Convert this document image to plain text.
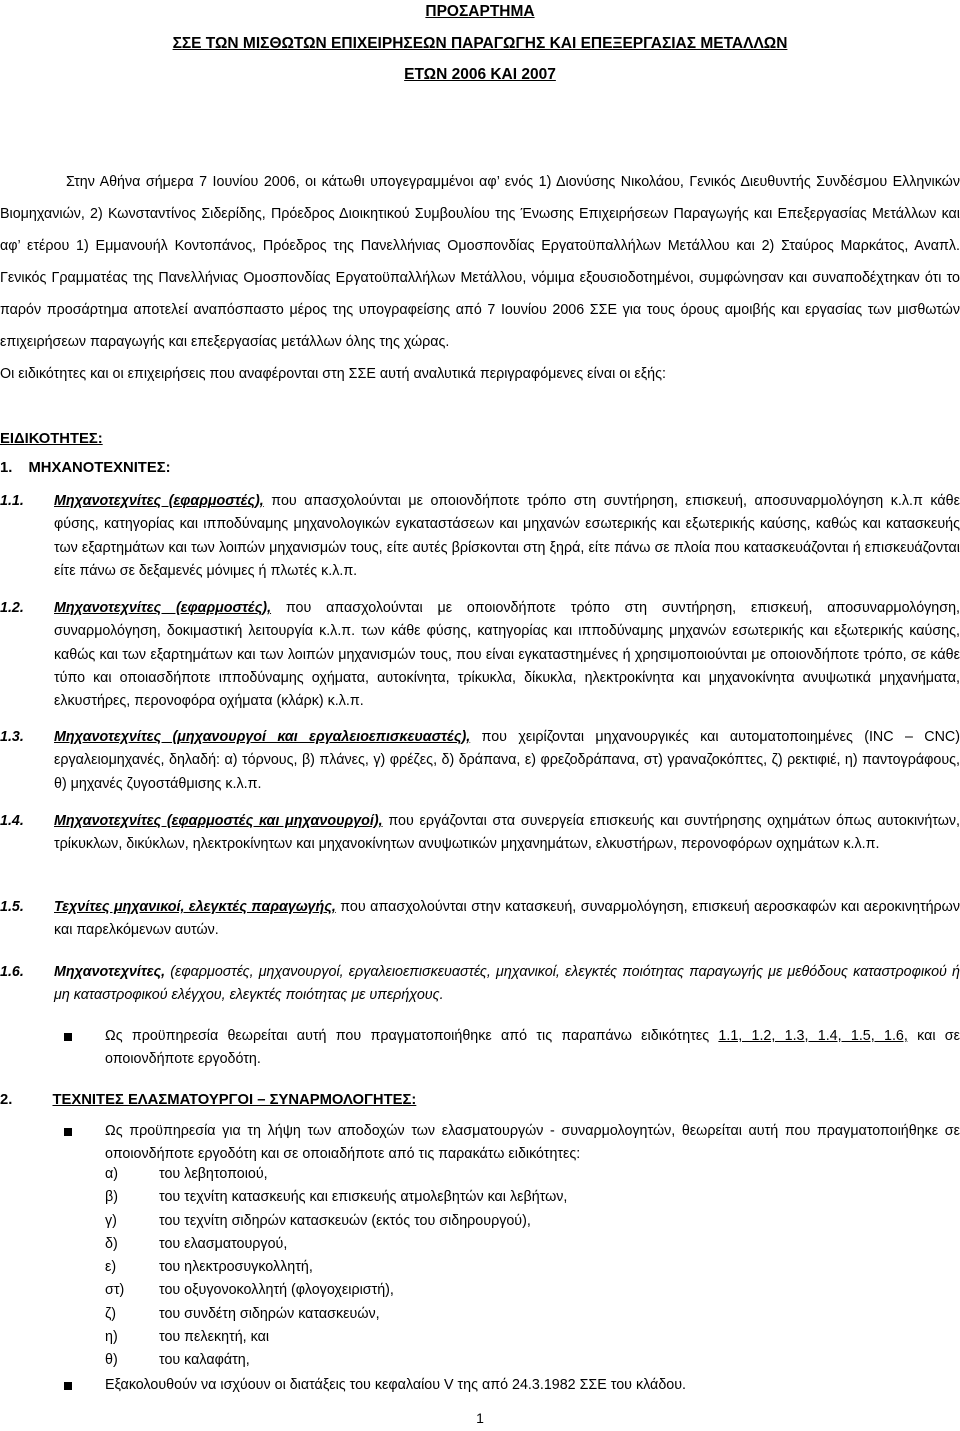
ΠΡΟΣΑΡΤΗΜΑ
ΣΣΕ ΤΩΝ ΜΙΣΘΩΤΩΝ ΕΠΙΧΕΙΡΗΣΕΩΝ ΠΑΡΑΓΩΓΗΣ ΚΑΙ ΕΠΕΞΕΡΓΑΣΙΑΣ ΜΕΤΑΛΛΩΝ
ΕΤΩΝ 2006 ΚΑΙ 2007

Στην Αθήνα σήμερα 7 Ιουνίου 2006, οι κάτωθι υπογεγραμμένοι αφ’ ενός 1) Διονύσης Νικολάου, Γενικός Διευθυντής Συνδέσμου Ελληνικών Βιομηχανιών, 2) Κωνσταντίνος Σιδερίδης, Πρόεδρος Διοικητικού Συμβουλίου της Ένωσης Επιχειρήσεων Παραγωγής και Επεξεργασίας Μετάλλων και αφ’ ετέρου 1) Εμμανουήλ Κοντοπάνος, Πρόεδρος της Πανελλήνιας Ομοσπονδίας Εργατοϋπαλλήλων Μετάλλου και 2) Σταύρος Μαρκάτος, Αναπλ. Γενικός Γραμματέας της Πανελλήνιας Ομοσπονδίας Εργατοϋπαλλήλων Μετάλλου, νόμιμα εξουσιοδοτημένοι, συμφώνησαν και συναποδέχτηκαν ότι το παρόν προσάρτημα αποτελεί αναπόσπαστο μέρος της υπογραφείσης από 7 Ιουνίου 2006 ΣΣΕ για τους όρους αμοιβής και εργασίας των μισθωτών επιχειρήσεων παραγωγής και επεξεργασίας μετάλλων όλης της χώρας.

Οι ειδικότητες και οι επιχειρήσεις που αναφέρονται στη ΣΣΕ αυτή αναλυτικά περιγραφόμενες είναι οι εξής:

ΕΙΔΙΚΟΤΗΤΕΣ:
1. ΜΗΧΑΝΟΤΕΧΝΙΤΕΣ:
1.1. Μηχανοτεχνίτες (εφαρμοστές), που απασχολούνται με οποιονδήποτε τρόπο στη συντήρηση, επισκευή, αποσυναρμολόγηση κ.λ.π κάθε φύσης, κατηγορίας και ιπποδύναμης μηχανολογικών εγκαταστάσεων και μηχανών εσωτερικής και εξωτερικής καύσης, καθώς και κατασκευής των εξαρτημάτων και των λοιπών μηχανισμών τους, είτε αυτές βρίσκονται στη ξηρά, είτε πάνω σε πλοία που κατασκευάζονται ή επισκευάζονται είτε πάνω σε δεξαμενές μόνιμες ή πλωτές κ.λ.π.
1.2. Μηχανοτεχνίτες (εφαρμοστές), που απασχολούνται με οποιονδήποτε τρόπο στη συντήρηση, επισκευή, αποσυναρμολόγηση, συναρμολόγηση, δοκιμαστική λειτουργία κ.λ.π. των κάθε φύσης, κατηγορίας και ιπποδύναμης μηχανών εσωτερικής και εξωτερικής καύσης, καθώς και των εξαρτημάτων και των λοιπών μηχανισμών τους, που είναι εγκαταστημένες ή χρησιμοποιούνται με οποιονδήποτε τρόπο, σε κάθε τύπο και οποιασδήποτε ιπποδύναμης οχήματα, αυτοκίνητα, τρίκυκλα, δίκυκλα, ηλεκτροκίνητα και μηχανοκίνητα ανυψωτικά μηχανήματα, ελκυστήρες, περονοφόρα οχήματα (κλάρκ) κ.λ.π.
1.3. Μηχανοτεχνίτες (μηχανουργοί και εργαλειοεπισκευαστές), που χειρίζονται μηχανουργικές και αυτοματοποιημένες (INC – CNC) εργαλειομηχανές, δηλαδή: α) τόρνους, β) πλάνες, γ) φρέζες, δ) δράπανα, ε) φρεζοδράπανα, στ) γραναζοκόπτες, ζ) ρεκτιφιέ, η) παντογράφους, θ) μηχανές ζυγοστάθμισης κ.λ.π.
1.4. Μηχανοτεχνίτες (εφαρμοστές και μηχανουργοί), που εργάζονται στα συνεργεία επισκευής και συντήρησης οχημάτων όπως αυτοκινήτων, τρίκυκλων, δικύκλων, ηλεκτροκίνητων και μηχανοκίνητων ανυψωτικών μηχανημάτων, ελκυστήρων, περονοφόρων οχημάτων κ.λ.π.
1.5. Τεχνίτες μηχανικοί, ελεγκτές παραγωγής, που απασχολούνται στην κατασκευή, συναρμολόγηση, επισκευή αεροσκαφών και αεροκινητήρων και παρελκόμενων αυτών.
1.6. Μηχανοτεχνίτες, (εφαρμοστές, μηχανουργοί, εργαλειοεπισκευαστές, μηχανικοί, ελεγκτές ποιότητας παραγωγής με μεθόδους καταστροφικού ή μη καταστροφικού ελέγχου, ελεγκτές ποιότητας με υπερήχους.
Ως προϋπηρεσία θεωρείται αυτή που πραγματοποιήθηκε από τις παραπάνω ειδικότητες 1.1, 1.2, 1.3, 1.4, 1.5, 1.6, και σε οποιονδήποτε εργοδότη.
2.	ΤΕΧΝΙΤΕΣ ΕΛΑΣΜΑΤΟΥΡΓΟΙ – ΣΥΝΑΡΜΟΛΟΓΗΤΕΣ:
Ως προϋπηρεσία για τη λήψη των αποδοχών των ελασματουργών - συναρμολογητών, θεωρείται αυτή που πραγματοποιήθηκε σε οποιονδήποτε εργοδότη και σε οποιαδήποτε από τις παρακάτω ειδικότητες:
α)	του λεβητοποιού,
β)	του τεχνίτη κατασκευής και επισκευής ατμολεβητών και λεβήτων,
γ)	του τεχνίτη σιδηρών κατασκευών (εκτός του σιδηρουργού),
δ)	του ελασματουργού,
ε)	του ηλεκτροσυγκολλητή,
στ) του οξυγονοκολλητή (φλογοχειριστή),
ζ)	του συνδέτη σιδηρών κατασκευών,
η)	του πελεκητή, και
θ)	του καλαφάτη,
Εξακολουθούν να ισχύουν οι διατάξεις του κεφαλαίου V της από 24.3.1982 ΣΣΕ του κλάδου.
1
